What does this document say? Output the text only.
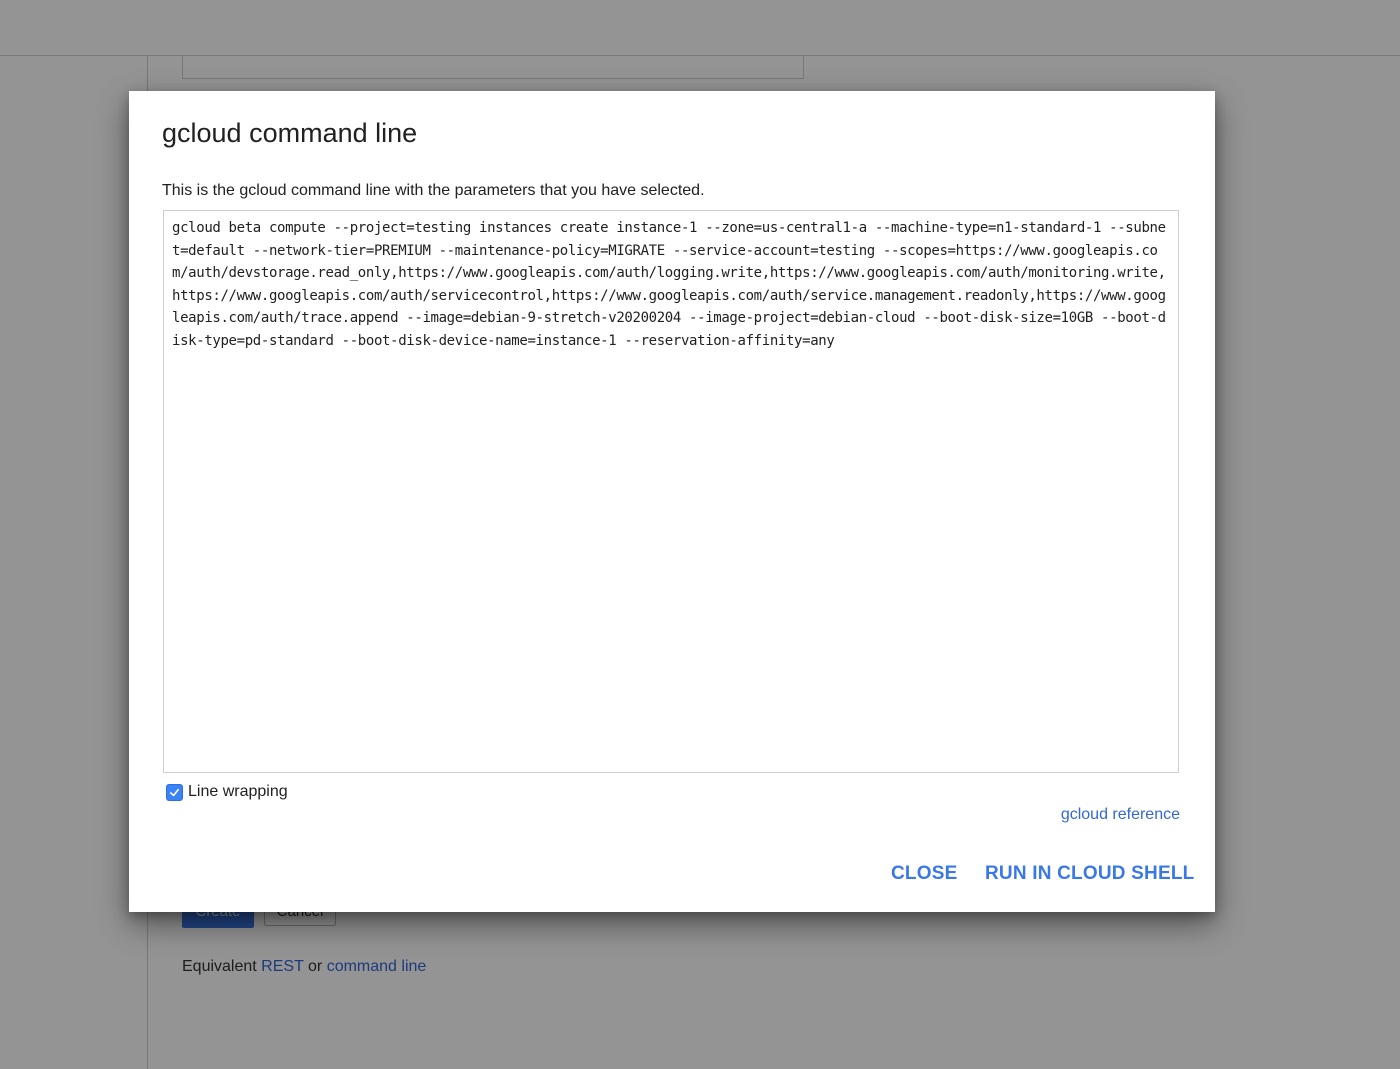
Equivalent REST or command line
gcloud command line
This is the gcloud command line with the parameters that you have selected.
gcloud beta compute --project=testing instances create instance-1 --zone=us-central1-a --machine-type=n1-standard-1 --subnet=default --network-tier=PREMIUM --maintenance-policy=MIGRATE --service-account=testing --scopes=https://www.googleapis.com/auth/devstorage.read_only,https://www.googleapis.com/auth/logging.write,https://www.googleapis.com/auth/monitoring.write,https://www.googleapis.com/auth/servicecontrol,https://www.googleapis.com/auth/service.management.readonly,https://www.googleapis.com/auth/trace.append --image=debian-9-stretch-v20200204 --image-project=debian-cloud --boot-disk-size=10GB --boot-disk-type=pd-standard --boot-disk-device-name=instance-1 --reservation-affinity=any
Line wrapping
gcloud reference
CLOSE RUN IN CLOUD SHELL
